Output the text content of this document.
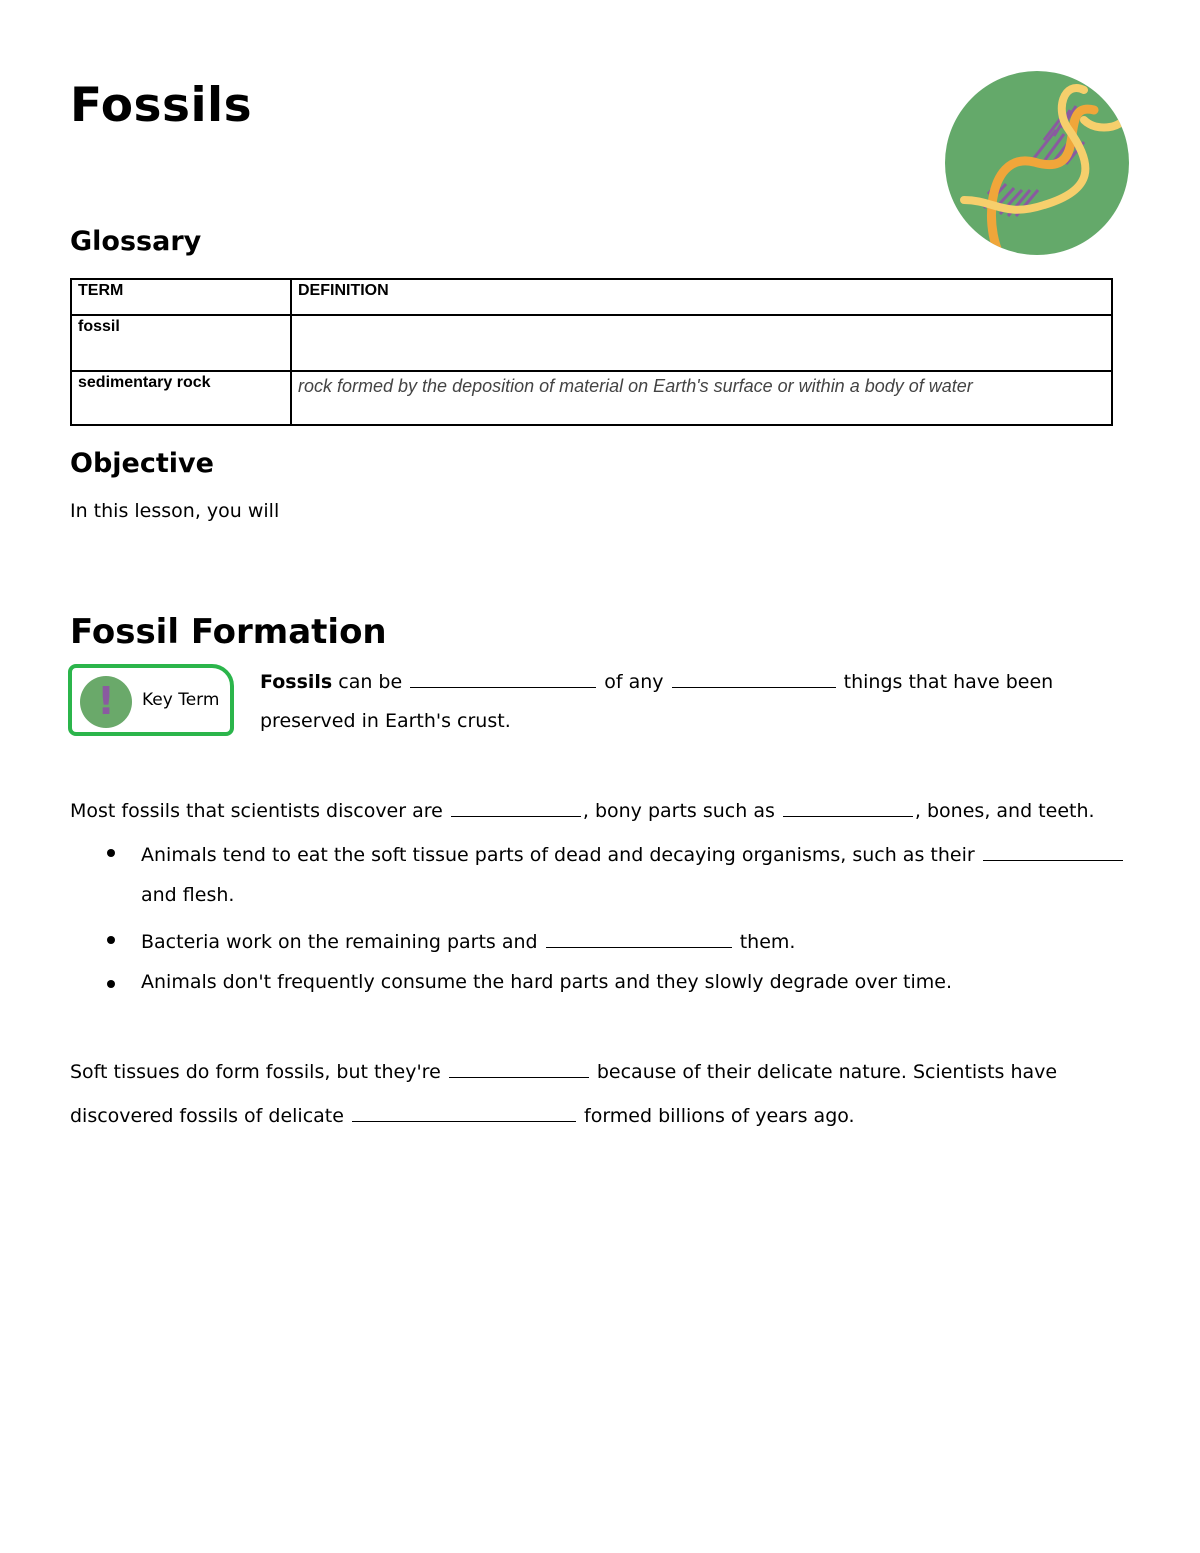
Fossils
Glossary
TERM	DEFINITION
fossil	
sedimentary rock	rock formed by the deposition of material on Earth's surface or within a body of water
Objective
In this lesson, you will
Fossil Formation
!	Key Term
Fossils can be	of any	things that have been
preserved in Earth's crust.
Most fossils that scientists discover are	, bony parts such as	, bones, and teeth.
Animals tend to eat the soft tissue parts of dead and decaying organisms, such as their
and flesh.
Bacteria work on the remaining parts and	them.
Animals don't frequently consume the hard parts and they slowly degrade over time.
Soft tissues do form fossils, but they're	because of their delicate nature. Scientists have
discovered fossils of delicate	formed billions of years ago.
